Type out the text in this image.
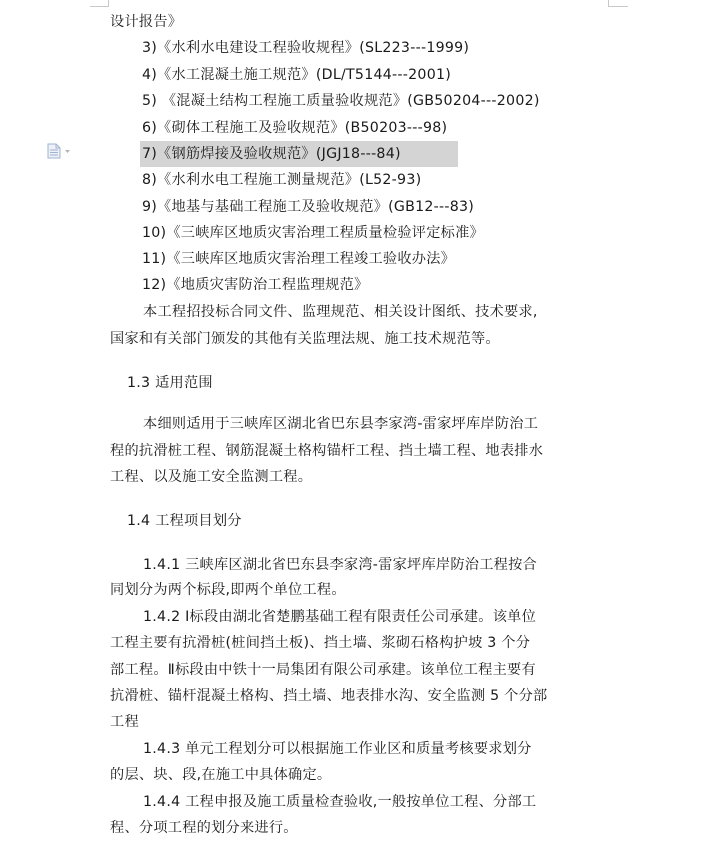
设计报告》
3)《水利水电建设工程验收规程》(SL223---1999)
4)《水工混凝土施工规范》(DL/T5144---2001)
5) 《混凝土结构工程施工质量验收规范》(GB50204---2002)
6)《砌体工程施工及验收规范》(B50203---98)
7)《钢筋焊接及验收规范》(JGJ18---84)
8)《水利水电工程施工测量规范》(L52-93)
9)《地基与基础工程施工及验收规范》(GB12---83)
10)《三峡库区地质灾害治理工程质量检验评定标准》
11)《三峡库区地质灾害治理工程竣工验收办法》
12)《地质灾害防治工程监理规范》
本工程招投标合同文件、监理规范、相关设计图纸、技术要求,
国家和有关部门颁发的其他有关监理法规、施工技术规范等。
1.3 适用范围
本细则适用于三峡库区湖北省巴东县李家湾-雷家坪库岸防治工
程的抗滑桩工程、钢筋混凝土格构锚杆工程、挡土墙工程、地表排水
工程、以及施工安全监测工程。
1.4 工程项目划分
1.4.1 三峡库区湖北省巴东县李家湾-雷家坪库岸防治工程按合
同划分为两个标段,即两个单位工程。
1.4.2 Ⅰ标段由湖北省楚鹏基础工程有限责任公司承建。该单位
工程主要有抗滑桩(桩间挡土板)、挡土墙、浆砌石格构护坡 3 个分
部工程。Ⅱ标段由中铁十一局集团有限公司承建。该单位工程主要有
抗滑桩、锚杆混凝土格构、挡土墙、地表排水沟、安全监测 5 个分部
工程
1.4.3 单元工程划分可以根据施工作业区和质量考核要求划分
的层、块、段,在施工中具体确定。
1.4.4 工程申报及施工质量检查验收,一般按单位工程、分部工
程、分项工程的划分来进行。
